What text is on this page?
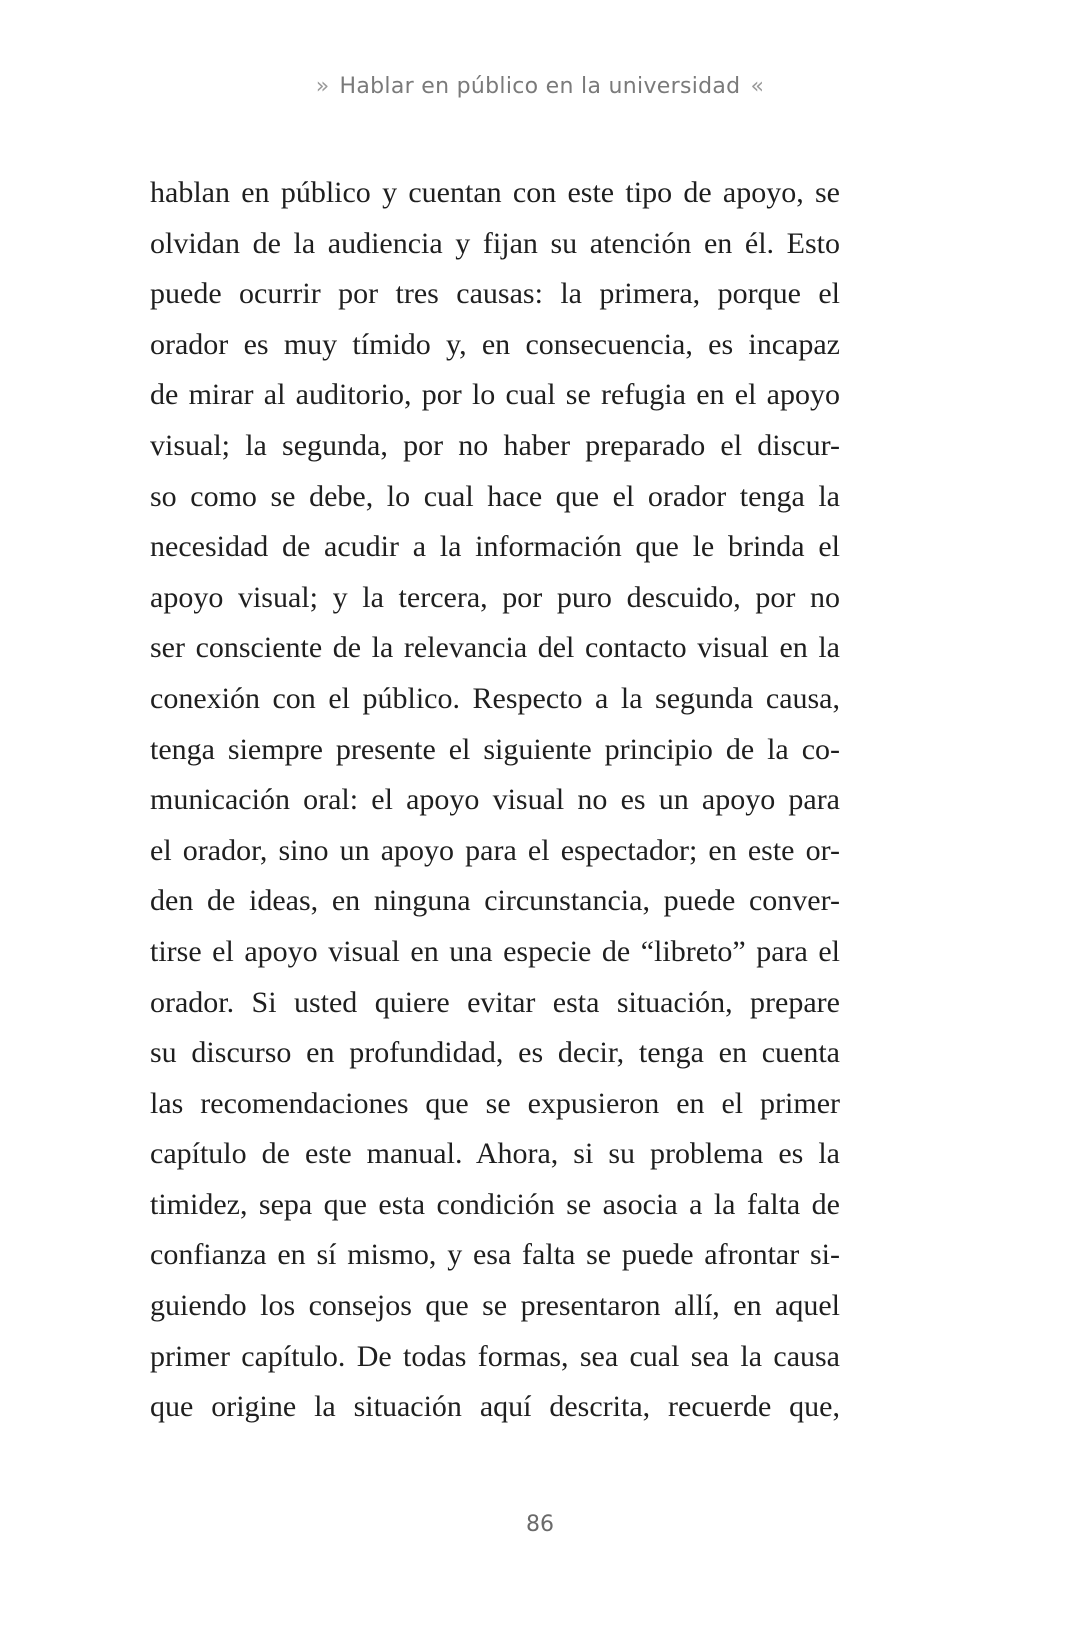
» Hablar en público en la universidad «
hablan en público y cuentan con este tipo de apoyo, se
olvidan de la audiencia y fijan su atención en él. Esto
puede ocurrir por tres causas: la primera, porque el
orador es muy tímido y, en consecuencia, es incapaz
de mirar al auditorio, por lo cual se refugia en el apoyo
visual; la segunda, por no haber preparado el discur-
so como se debe, lo cual hace que el orador tenga la
necesidad de acudir a la información que le brinda el
apoyo visual; y la tercera, por puro descuido, por no
ser consciente de la relevancia del contacto visual en la
conexión con el público. Respecto a la segunda causa,
tenga siempre presente el siguiente principio de la co-
municación oral: el apoyo visual no es un apoyo para
el orador, sino un apoyo para el espectador; en este or-
den de ideas, en ninguna circunstancia, puede conver-
tirse el apoyo visual en una especie de “libreto” para el
orador. Si usted quiere evitar esta situación, prepare
su discurso en profundidad, es decir, tenga en cuenta
las recomendaciones que se expusieron en el primer
capítulo de este manual. Ahora, si su problema es la
timidez, sepa que esta condición se asocia a la falta de
confianza en sí mismo, y esa falta se puede afrontar si-
guiendo los consejos que se presentaron allí, en aquel
primer capítulo. De todas formas, sea cual sea la causa
que origine la situación aquí descrita, recuerde que,
86
